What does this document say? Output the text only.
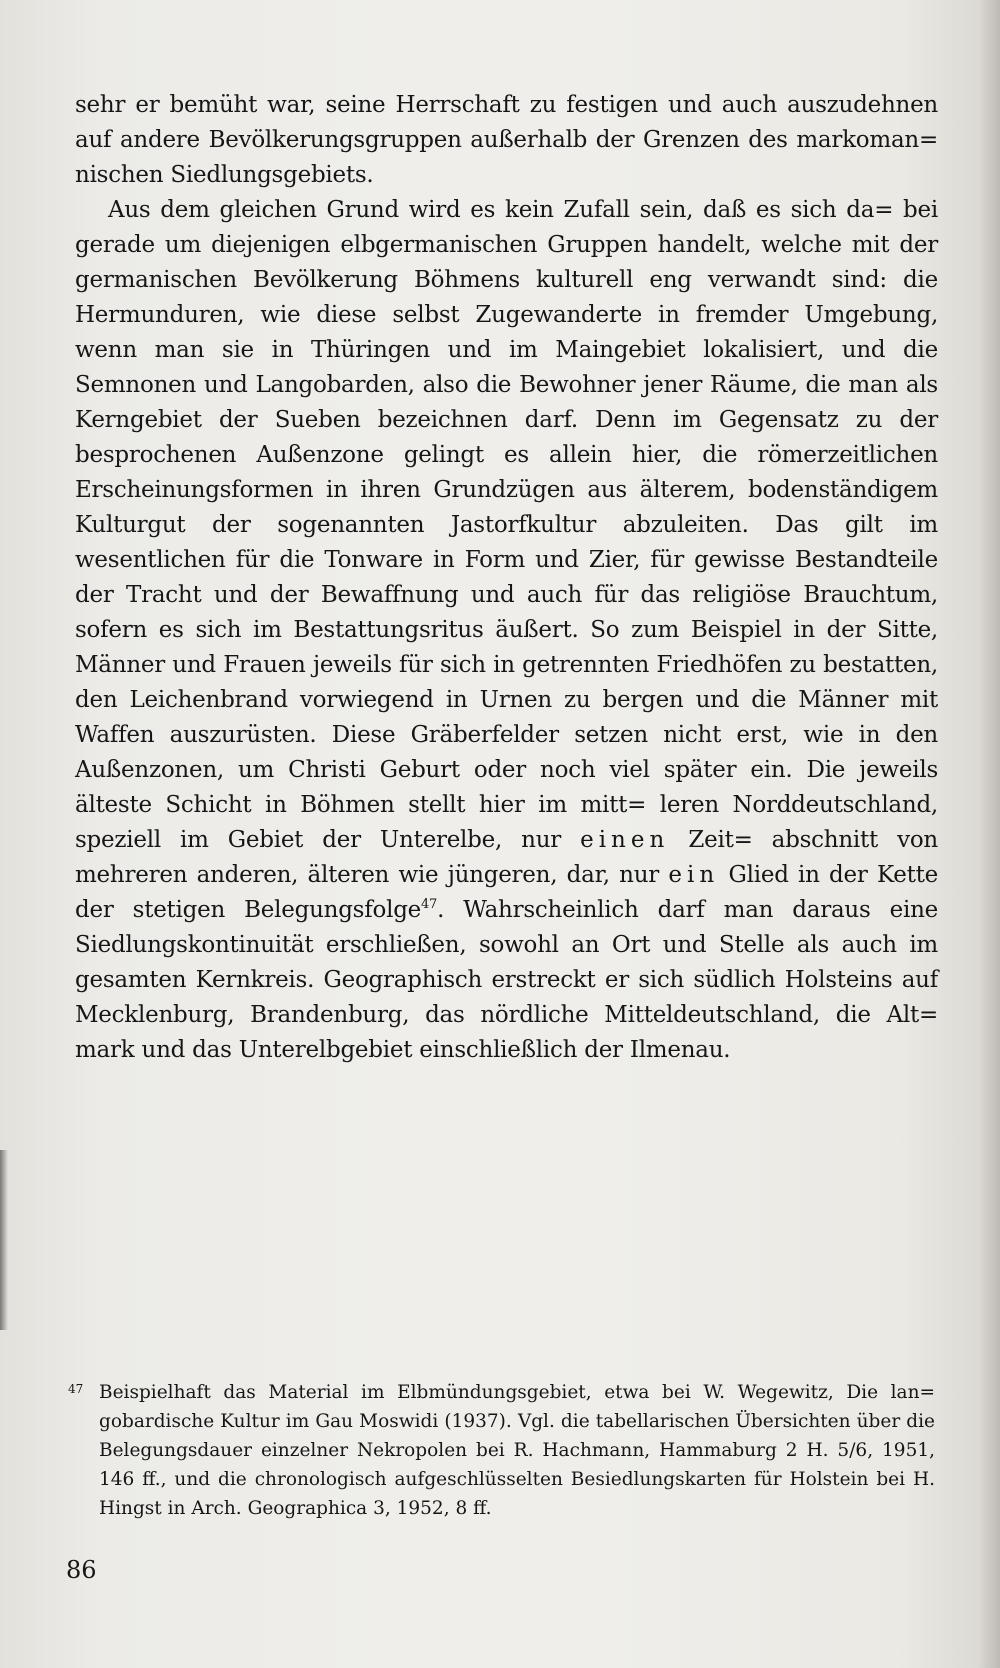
sehr er bemüht war, seine Herrschaft zu festigen und auch auszudehnen auf andere Bevölkerungsgruppen außerhalb der Grenzen des markoman= nischen Siedlungsgebiets.

Aus dem gleichen Grund wird es kein Zufall sein, daß es sich da= bei gerade um diejenigen elbgermanischen Gruppen handelt, welche mit der germanischen Bevölkerung Böhmens kulturell eng verwandt sind: die Hermunduren, wie diese selbst Zugewanderte in fremder Umgebung, wenn man sie in Thüringen und im Maingebiet lokalisiert, und die Semnonen und Langobarden, also die Bewohner jener Räume, die man als Kerngebiet der Sueben bezeichnen darf. Denn im Gegensatz zu der besprochenen Außenzone gelingt es allein hier, die römerzeitlichen Erscheinungsformen in ihren Grundzügen aus älterem, bodenständigem Kulturgut der sogenannten Jastorfkultur abzuleiten. Das gilt im wesentlichen für die Tonware in Form und Zier, für gewisse Bestandteile der Tracht und der Bewaffnung und auch für das religiöse Brauchtum, sofern es sich im Bestattungsritus äußert. So zum Beispiel in der Sitte, Männer und Frauen jeweils für sich in getrennten Friedhöfen zu bestatten, den Leichenbrand vorwiegend in Urnen zu bergen und die Männer mit Waffen auszurüsten. Diese Gräberfelder setzen nicht erst, wie in den Außenzonen, um Christi Geburt oder noch viel später ein. Die jeweils älteste Schicht in Böhmen stellt hier im mitt= leren Norddeutschland, speziell im Gebiet der Unterelbe, nur einen Zeit= abschnitt von mehreren anderen, älteren wie jüngeren, dar, nur ein Glied in der Kette der stetigen Belegungsfolge$^{47}$. Wahrscheinlich darf man daraus eine Siedlungskontinuität erschließen, sowohl an Ort und Stelle als auch im gesamten Kernkreis. Geographisch erstreckt er sich südlich Holsteins auf Mecklenburg, Brandenburg, das nördliche Mitteldeutschland, die Alt= mark und das Unterelbgebiet einschließlich der Ilmenau.

47 Beispielhaft das Material im Elbmündungsgebiet, etwa bei W. Wegewitz, Die lan= gobardische Kultur im Gau Moswidi (1937). Vgl. die tabellarischen Übersichten über die Belegungsdauer einzelner Nekropolen bei R. Hachmann, Hammaburg 2 H. 5/6, 1951, 146 ff., und die chronologisch aufgeschlüsselten Besiedlungskarten für Holstein bei H. Hingst in Arch. Geographica 3, 1952, 8 ff.
86
